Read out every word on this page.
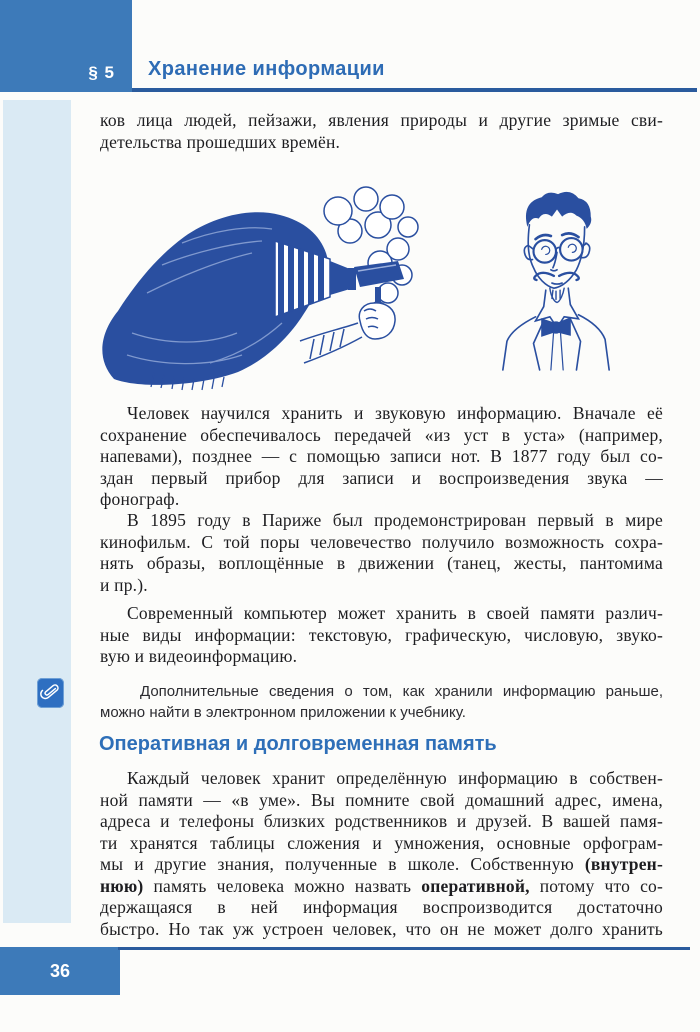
§ 5 Хранение информации
ков лица людей, пейзажи, явления природы и другие зримые сви-
детельства прошедших времён.
Человек научился хранить и звуковую информацию. Вначале её
сохранение обеспечивалось передачей «из уст в уста» (например,
напевами), позднее — с помощью записи нот. В 1877 году был со-
здан первый прибор для записи и воспроизведения звука —
фонограф.
В 1895 году в Париже был продемонстрирован первый в мире
кинофильм. С той поры человечество получило возможность сохра-
нять образы, воплощённые в движении (танец, жесты, пантомима
и пр.).
Современный компьютер может хранить в своей памяти различ-
ные виды информации: текстовую, графическую, числовую, звуко-
вую и видеоинформацию.
Дополнительные сведения о том, как хранили информацию раньше,
можно найти в электронном приложении к учебнику.
Оперативная и долговременная память
Каждый человек хранит определённую информацию в собствен-
ной памяти — «в уме». Вы помните свой домашний адрес, имена,
адреса и телефоны близких родственников и друзей. В вашей памя-
ти хранятся таблицы сложения и умножения, основные орфограм-
мы и другие знания, полученные в школе. Собственную (внутрен-
нюю) память человека можно назвать оперативной, потому что со-
держащаяся в ней информация воспроизводится достаточно
быстро. Но так уж устроен человек, что он не может долго хранить
36
